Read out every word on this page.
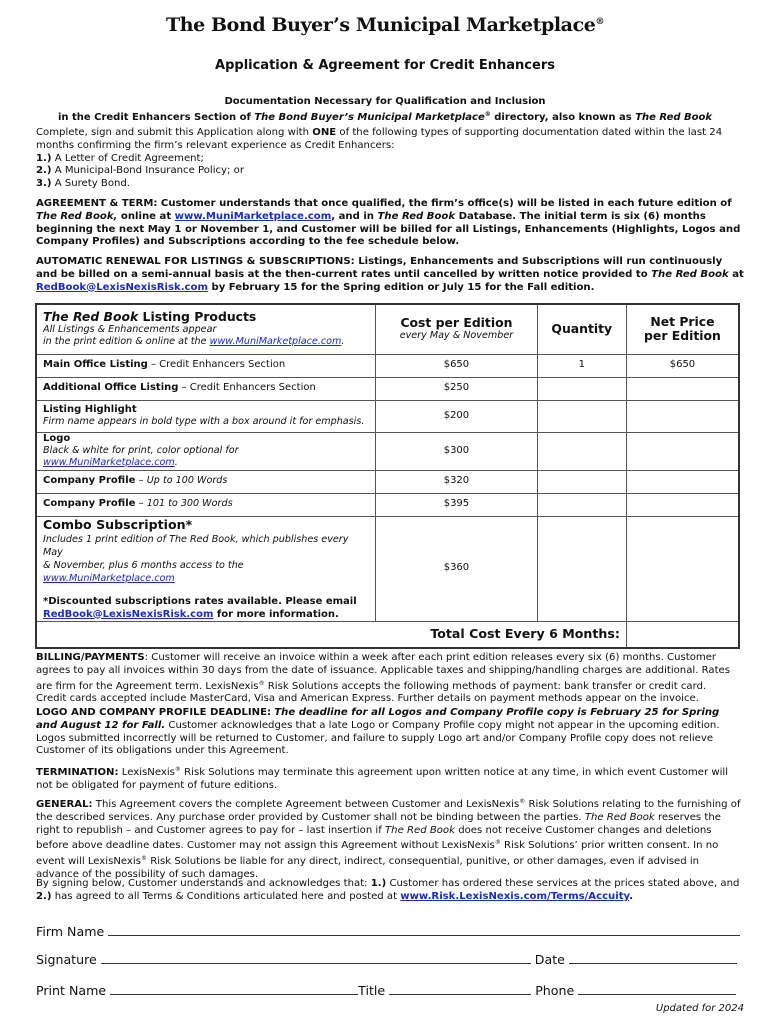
The Bond Buyer’s Municipal Marketplace®
Application & Agreement for Credit Enhancers
Documentation Necessary for Qualification and Inclusion
in the Credit Enhancers Section of The Bond Buyer’s Municipal Marketplace® directory, also known as The Red Book
Complete, sign and submit this Application along with ONE of the following types of supporting documentation dated within the last 24
months confirming the firm’s relevant experience as Credit Enhancers:
1.) A Letter of Credit Agreement;
2.) A Municipal-Bond Insurance Policy; or
3.) A Surety Bond.
AGREEMENT & TERM: Customer understands that once qualified, the firm’s office(s) will be listed in each future edition of
The Red Book, online at www.MuniMarketplace.com, and in The Red Book Database. The initial term is six (6) months
beginning the next May 1 or November 1, and Customer will be billed for all Listings, Enhancements (Highlights, Logos and
Company Profiles) and Subscriptions according to the fee schedule below.
AUTOMATIC RENEWAL FOR LISTINGS & SUBSCRIPTIONS: Listings, Enhancements and Subscriptions will run continuously
and be billed on a semi-annual basis at the then-current rates until cancelled by written notice provided to The Red Book at
RedBook@LexisNexisRisk.com by February 15 for the Spring edition or July 15 for the Fall edition.
The Red Book Listing Products
All Listings & Enhancements appear
in the print edition & online at the www.MuniMarketplace.com.	Cost per Edition
every May & November	Quantity	Net Price
per Edition

Main Office Listing – Credit Enhancers Section	$650	1	$650
Additional Office Listing – Credit Enhancers Section	$250		

Listing Highlight
Firm name appears in bold type with a box around it for emphasis.	$200		

Logo
Black & white for print, color optional for www.MuniMarketplace.com.	$300		
Company Profile – Up to 100 Words	$320		
Company Profile – 101 to 300 Words	$395		

Combo Subscription*
Includes 1 print edition of The Red Book, which publishes every May
& November, plus 6 months access to the www.MuniMarketplace.com
*Discounted subscriptions rates available. Please email
RedBook@LexisNexisRisk.com for more information.	$360		
Total Cost Every 6 Months:			
BILLING/PAYMENTS: Customer will receive an invoice within a week after each print edition releases every six (6) months. Customer
agrees to pay all invoices within 30 days from the date of issuance. Applicable taxes and shipping/handling charges are additional. Rates
are firm for the Agreement term. LexisNexis® Risk Solutions accepts the following methods of payment: bank transfer or credit card.
Credit cards accepted include MasterCard, Visa and American Express. Further details on payment methods appear on the invoice.
LOGO AND COMPANY PROFILE DEADLINE: The deadline for all Logos and Company Profile copy is February 25 for Spring
and August 12 for Fall. Customer acknowledges that a late Logo or Company Profile copy might not appear in the upcoming edition.
Logos submitted incorrectly will be returned to Customer, and failure to supply Logo art and/or Company Profile copy does not relieve
Customer of its obligations under this Agreement.
TERMINATION: LexisNexis® Risk Solutions may terminate this agreement upon written notice at any time, in which event Customer will
not be obligated for payment of future editions.
GENERAL: This Agreement covers the complete Agreement between Customer and LexisNexis® Risk Solutions relating to the furnishing of
the described services. Any purchase order provided by Customer shall not be binding between the parties. The Red Book reserves the
right to republish – and Customer agrees to pay for – last insertion if The Red Book does not receive Customer changes and deletions
before above deadline dates. Customer may not assign this Agreement without LexisNexis® Risk Solutions’ prior written consent. In no
event will LexisNexis® Risk Solutions be liable for any direct, indirect, consequential, punitive, or other damages, even if advised in
advance of the possibility of such damages.
By signing below, Customer understands and acknowledges that: 1.) Customer has ordered these services at the prices stated above, and
2.) has agreed to all Terms & Conditions articulated here and posted at www.Risk.LexisNexis.com/Terms/Accuity.
Firm Name
Signature	Date
Print Name	Title	Phone
Updated for 2024
